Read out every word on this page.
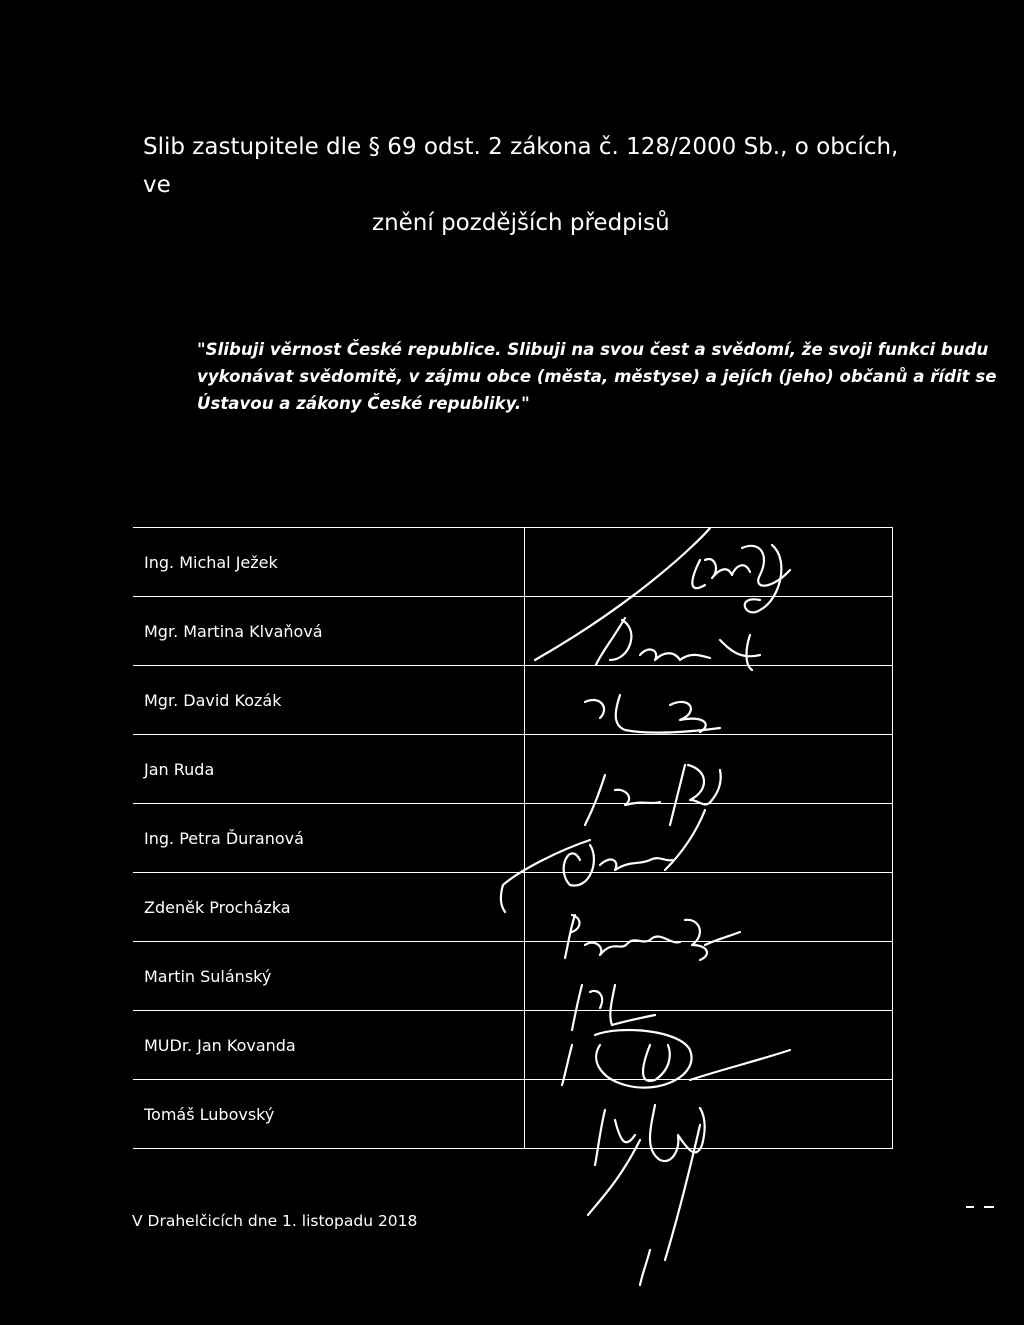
Slib zastupitele dle § 69 odst. 2 zákona č. 128/2000 Sb., o obcích, ve
znění pozdějších předpisů

"Slibuji věrnost České republice. Slibuji na svou čest a svědomí, že svoji funkci budu
vykonávat svědomitě, v zájmu obce (města, městyse) a jejích (jeho) občanů a řídit se
Ústavou a zákony České republiky."

Ing. Michal Ježek	
Mgr. Martina Klvaňová	
Mgr. David Kozák	
Jan Ruda	
Ing. Petra Ďuranová	
Zdeněk Procházka	
Martin Sulánský	
MUDr. Jan Kovanda	
Tomáš Lubovský	

V Drahelčicích dne 1. listopadu 2018
